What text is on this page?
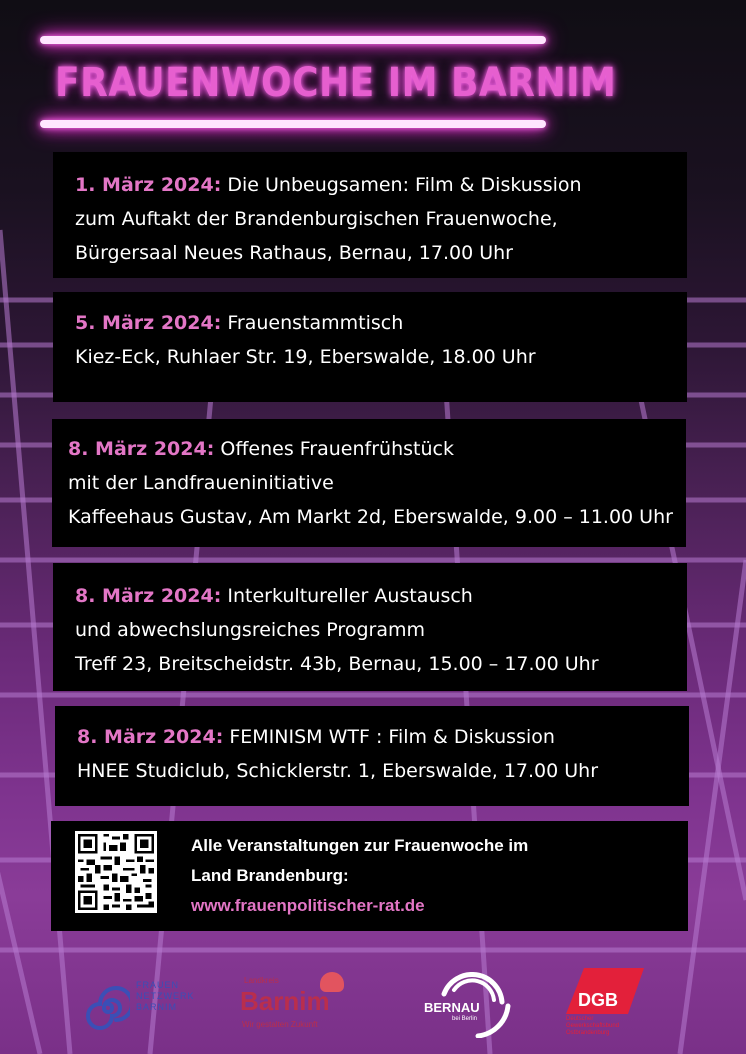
FRAUENWOCHE IM BARNIM
1. März 2024: Die Unbeugsamen: Film & Diskussion
zum Auftakt der Brandenburgischen Frauenwoche,
Bürgersaal Neues Rathaus, Bernau, 17.00 Uhr
5. März 2024: Frauenstammtisch
Kiez-Eck, Ruhlaer Str. 19, Eberswalde, 18.00 Uhr
8. März 2024: Offenes Frauenfrühstück
mit der Landfraueninitiative
Kaffeehaus Gustav, Am Markt 2d, Eberswalde, 9.00 – 11.00 Uhr
8. März 2024: Interkultureller Austausch
und abwechslungsreiches Programm
Treff 23, Breitscheidstr. 43b, Bernau, 15.00 – 17.00 Uhr
8. März 2024: FEMINISM WTF : Film & Diskussion
HNEE Studiclub, Schicklerstr. 1, Eberswalde, 17.00 Uhr
Alle Veranstaltungen zur Frauenwoche im
Land Brandenburg:
www.frauenpolitischer-rat.de
FRAUEN
NETZWERK
BARNIM
Landkreis
Barnim
Wir gestalten Zukunft
BERNAU
bei Berlin
DGB
Deutscher
Gewerkschaftsbund
Ostbrandenburg
